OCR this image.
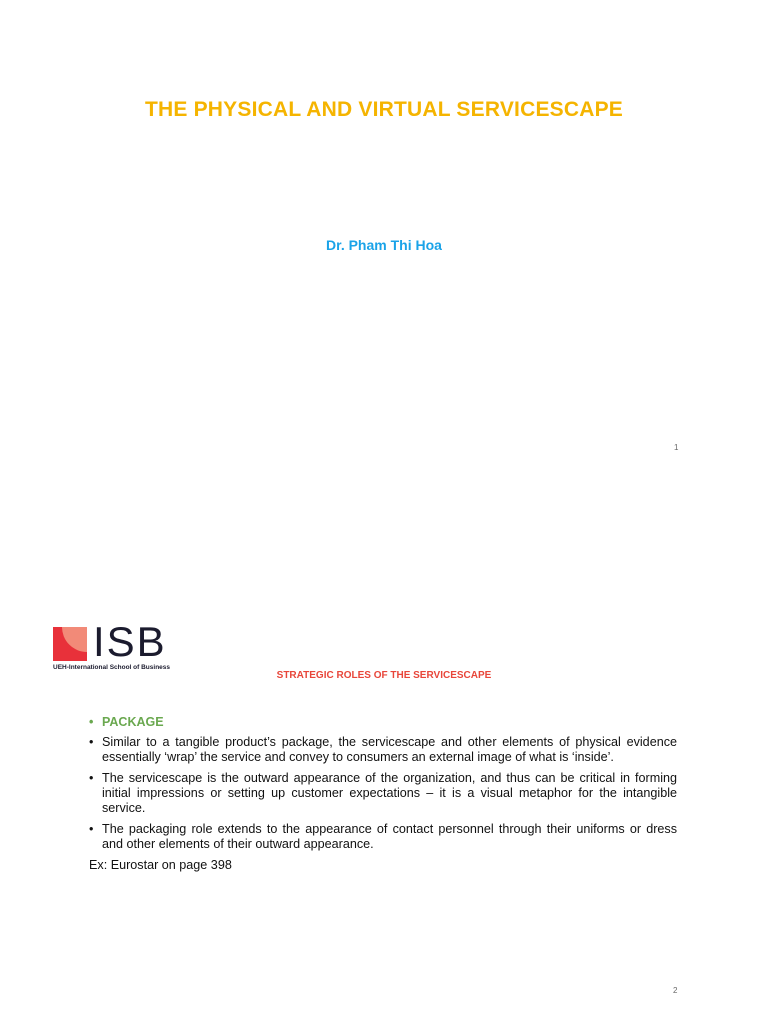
THE PHYSICAL AND VIRTUAL SERVICESCAPE
Dr. Pham Thi Hoa
1
ISB
UEH-International School of Business
STRATEGIC ROLES OF THE SERVICESCAPE
• PACKAGE
• Similar to a tangible product’s package, the servicescape and other elements of physical evidence essentially ‘wrap’ the service and convey to consumers an external image of what is ‘inside’.
• The servicescape is the outward appearance of the organization, and thus can be critical in forming initial impressions or setting up customer expectations – it is a visual metaphor for the intangible service.
• The packaging role extends to the appearance of contact personnel through their uniforms or dress and other elements of their outward appearance.
Ex: Eurostar on page 398
2
